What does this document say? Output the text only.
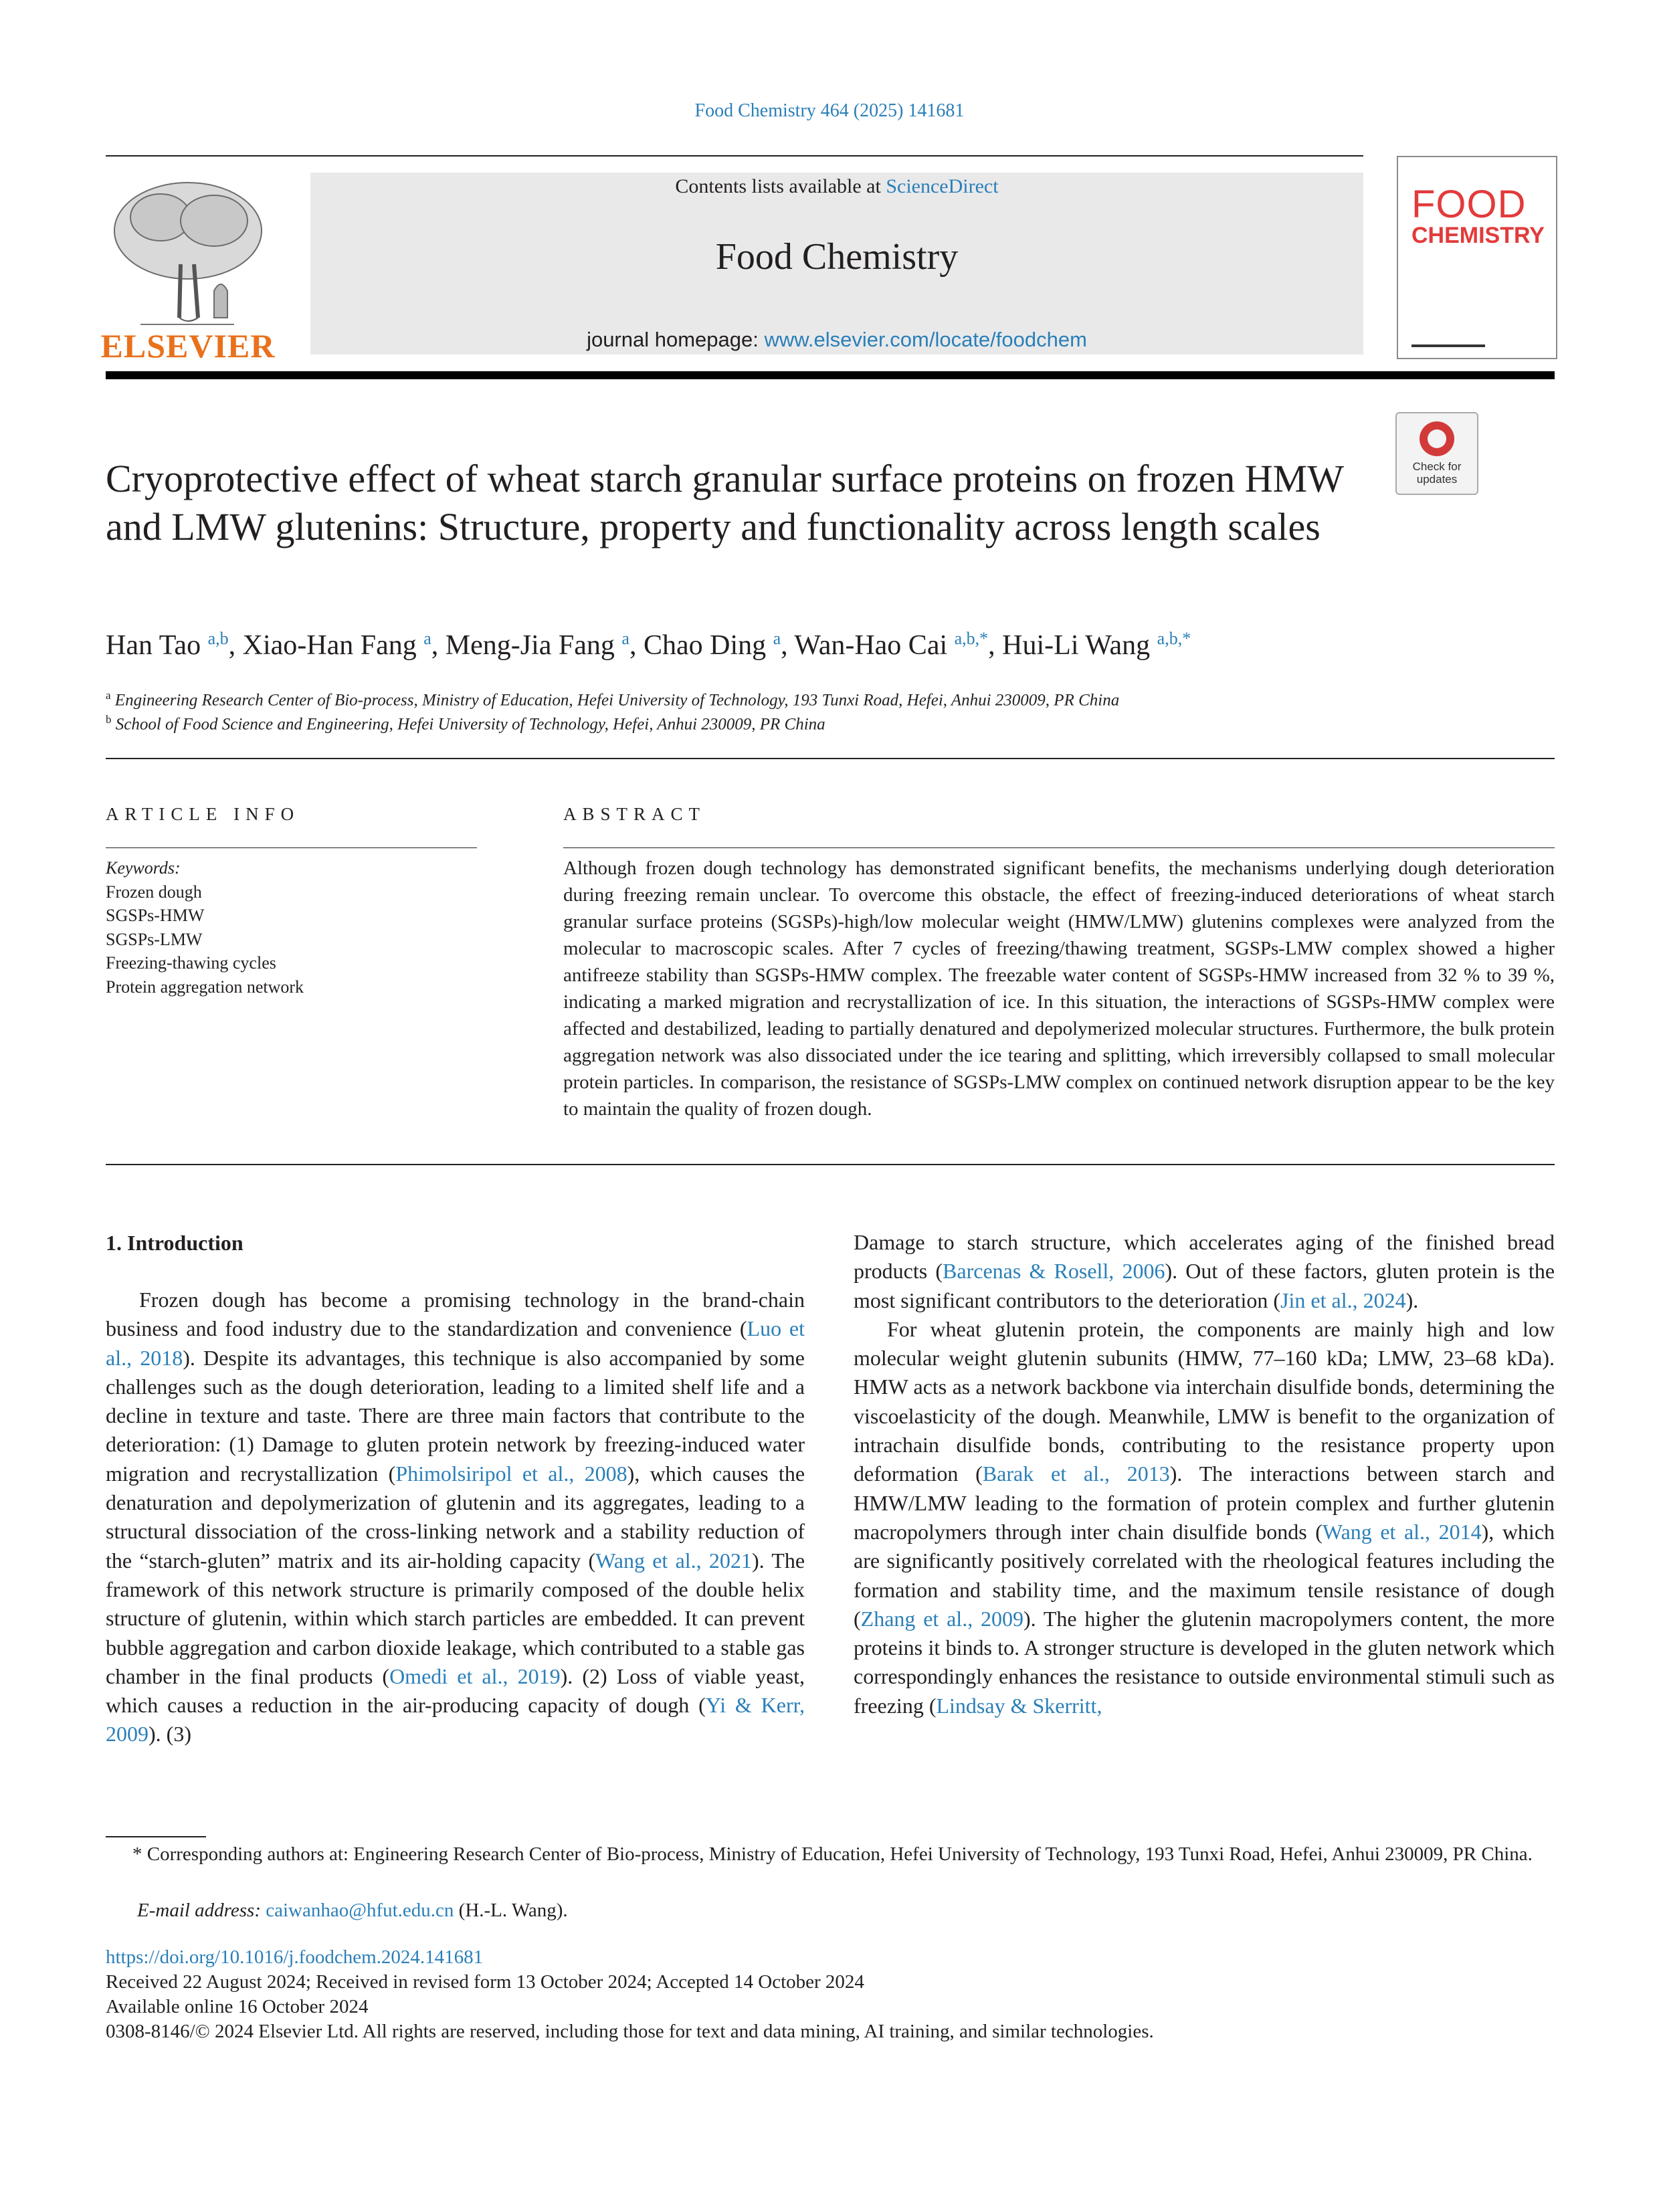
Food Chemistry 464 (2025) 141681
ELSEVIER
Contents lists available at ScienceDirect
Food Chemistry
journal homepage: www.elsevier.com/locate/foodchem
FOOD
CHEMISTRY
Cryoprotective effect of wheat starch granular surface proteins on frozen HMW and LMW glutenins: Structure, property and functionality across length scales
Check for updates
Han Tao $^{a,b}$, Xiao-Han Fang $^a$, Meng-Jia Fang $^a$, Chao Ding $^a$, Wan-Hao Cai $^{a,b,*}$, Hui-Li Wang $^{a,b,*}$
$^a$ Engineering Research Center of Bio-process, Ministry of Education, Hefei University of Technology, 193 Tunxi Road, Hefei, Anhui 230009, PR China
$^b$ School of Food Science and Engineering, Hefei University of Technology, Hefei, Anhui 230009, PR China
ARTICLE INFO	ABSTRACT
Keywords:
Frozen dough
SGSPs-HMW
SGSPs-LMW
Freezing-thawing cycles
Protein aggregation network
Although frozen dough technology has demonstrated significant benefits, the mechanisms underlying dough deterioration during freezing remain unclear. To overcome this obstacle, the effect of freezing-induced deteriorations of wheat starch granular surface proteins (SGSPs)-high/low molecular weight (HMW/LMW) glutenins complexes were analyzed from the molecular to macroscopic scales. After 7 cycles of freezing/thawing treatment, SGSPs-LMW complex showed a higher antifreeze stability than SGSPs-HMW complex. The freezable water content of SGSPs-HMW increased from 32 % to 39 %, indicating a marked migration and recrystallization of ice. In this situation, the interactions of SGSPs-HMW complex were affected and destabilized, leading to partially denatured and depolymerized molecular structures. Furthermore, the bulk protein aggregation network was also dissociated under the ice tearing and splitting, which irreversibly collapsed to small molecular protein particles. In comparison, the resistance of SGSPs-LMW complex on continued network disruption appear to be the key to maintain the quality of frozen dough.
1. Introduction

Frozen dough has become a promising technology in the brand-chain business and food industry due to the standardization and convenience (Luo et al., 2018). Despite its advantages, this technique is also accompanied by some challenges such as the dough deterioration, leading to a limited shelf life and a decline in texture and taste. There are three main factors that contribute to the deterioration: (1) Damage to gluten protein network by freezing-induced water migration and recrystallization (Phimolsiripol et al., 2008), which causes the denaturation and depolymerization of glutenin and its aggregates, leading to a structural dissociation of the cross-linking network and a stability reduction of the “starch-gluten” matrix and its air-holding capacity (Wang et al., 2021). The framework of this network structure is primarily composed of the double helix structure of glutenin, within which starch particles are embedded. It can prevent bubble aggregation and carbon dioxide leakage, which contributed to a stable gas chamber in the final products (Omedi et al., 2019). (2) Loss of viable yeast, which causes a reduction in the air-producing capacity of dough (Yi & Kerr, 2009). (3)

Damage to starch structure, which accelerates aging of the finished bread products (Barcenas & Rosell, 2006). Out of these factors, gluten protein is the most significant contributors to the deterioration (Jin et al., 2024).

For wheat glutenin protein, the components are mainly high and low molecular weight glutenin subunits (HMW, 77–160 kDa; LMW, 23–68 kDa). HMW acts as a network backbone via interchain disulfide bonds, determining the viscoelasticity of the dough. Meanwhile, LMW is benefit to the organization of intrachain disulfide bonds, contributing to the resistance property upon deformation (Barak et al., 2013). The interactions between starch and HMW/LMW leading to the formation of protein complex and further glutenin macropolymers through inter chain disulfide bonds (Wang et al., 2014), which are significantly positively correlated with the rheological features including the formation and stability time, and the maximum tensile resistance of dough (Zhang et al., 2009). The higher the glutenin macropolymers content, the more proteins it binds to. A stronger structure is developed in the gluten network which correspondingly enhances the resistance to outside environmental stimuli such as freezing (Lindsay & Skerritt,

* Corresponding authors at: Engineering Research Center of Bio-process, Ministry of Education, Hefei University of Technology, 193 Tunxi Road, Hefei, Anhui 230009, PR China.
E-mail address: caiwanhao@hfut.edu.cn (H.-L. Wang).
https://doi.org/10.1016/j.foodchem.2024.141681
Received 22 August 2024; Received in revised form 13 October 2024; Accepted 14 October 2024
Available online 16 October 2024
0308-8146/© 2024 Elsevier Ltd. All rights are reserved, including those for text and data mining, AI training, and similar technologies.
